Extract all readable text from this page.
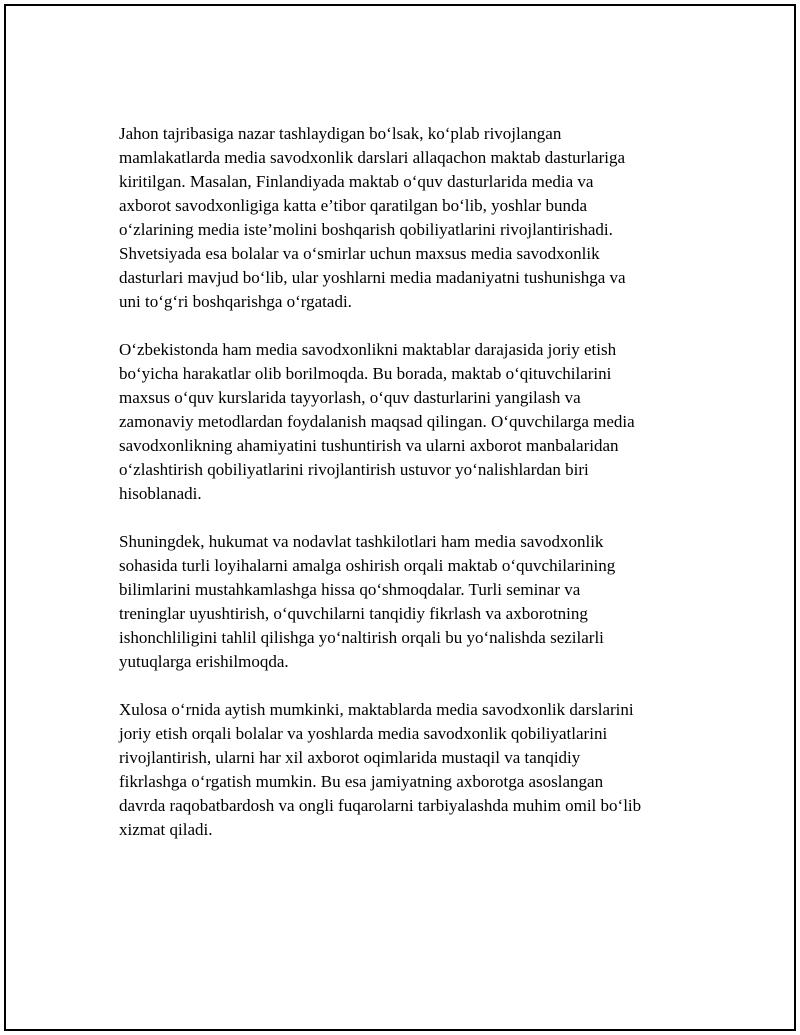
Jahon tajribasiga nazar tashlaydigan bo‘lsak, ko‘plab rivojlangan
mamlakatlarda media savodxonlik darslari allaqachon maktab dasturlariga
kiritilgan. Masalan, Finlandiyada maktab o‘quv dasturlarida media va
axborot savodxonligiga katta e’tibor qaratilgan bo‘lib, yoshlar bunda
o‘zlarining media iste’molini boshqarish qobiliyatlarini rivojlantirishadi.
Shvetsiyada esa bolalar va o‘smirlar uchun maxsus media savodxonlik
dasturlari mavjud bo‘lib, ular yoshlarni media madaniyatni tushunishga va
uni to‘g‘ri boshqarishga o‘rgatadi.

O‘zbekistonda ham media savodxonlikni maktablar darajasida joriy etish
bo‘yicha harakatlar olib borilmoqda. Bu borada, maktab o‘qituvchilarini
maxsus o‘quv kurslarida tayyorlash, o‘quv dasturlarini yangilash va
zamonaviy metodlardan foydalanish maqsad qilingan. O‘quvchilarga media
savodxonlikning ahamiyatini tushuntirish va ularni axborot manbalaridan
o‘zlashtirish qobiliyatlarini rivojlantirish ustuvor yo‘nalishlardan biri
hisoblanadi.

Shuningdek, hukumat va nodavlat tashkilotlari ham media savodxonlik
sohasida turli loyihalarni amalga oshirish orqali maktab o‘quvchilarining
bilimlarini mustahkamlashga hissa qo‘shmoqdalar. Turli seminar va
treninglar uyushtirish, o‘quvchilarni tanqidiy fikrlash va axborotning
ishonchliligini tahlil qilishga yo‘naltirish orqali bu yo‘nalishda sezilarli
yutuqlarga erishilmoqda.

Xulosa o‘rnida aytish mumkinki, maktablarda media savodxonlik darslarini
joriy etish orqali bolalar va yoshlarda media savodxonlik qobiliyatlarini
rivojlantirish, ularni har xil axborot oqimlarida mustaqil va tanqidiy
fikrlashga o‘rgatish mumkin. Bu esa jamiyatning axborotga asoslangan
davrda raqobatbardosh va ongli fuqarolarni tarbiyalashda muhim omil bo‘lib
xizmat qiladi.
